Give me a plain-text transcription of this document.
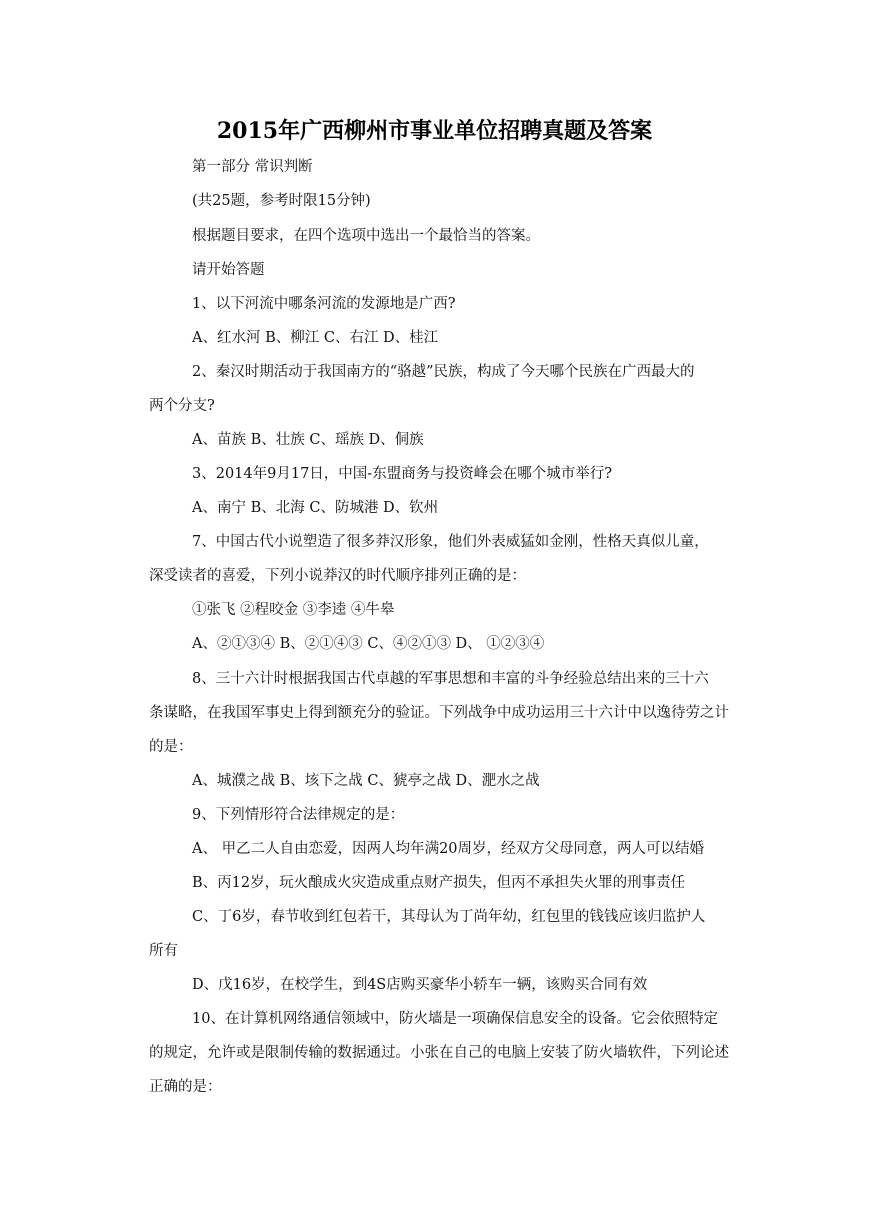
2015年广西柳州市事业单位招聘真题及答案
第一部分 常识判断
(共25题，参考时限15分钟)
根据题目要求，在四个选项中选出一个最恰当的答案。
请开始答题
1、以下河流中哪条河流的发源地是广西?
A、红水河 B、柳江 C、右江 D、桂江
2、秦汉时期活动于我国南方的“骆越”民族，构成了今天哪个民族在广西最大的
两个分支?
A、苗族 B、壮族 C、瑶族 D、侗族
3、2014年9月17日，中国-东盟商务与投资峰会在哪个城市举行?
A、南宁 B、北海 C、防城港 D、钦州
7、中国古代小说塑造了很多莽汉形象，他们外表威猛如金刚，性格天真似儿童，
深受读者的喜爱，下列小说莽汉的时代顺序排列正确的是：
①张飞 ②程咬金 ③李逵 ④牛皋
A、②①③④ B、②①④③ C、④②①③ D、 ①②③④
8、三十六计时根据我国古代卓越的军事思想和丰富的斗争经验总结出来的三十六
条谋略，在我国军事史上得到额充分的验证。下列战争中成功运用三十六计中以逸待劳之计
的是：
A、城濮之战 B、垓下之战 C、猇亭之战 D、淝水之战
9、下列情形符合法律规定的是：
A、 甲乙二人自由恋爱，因两人均年满20周岁，经双方父母同意，两人可以结婚
B、丙12岁，玩火酿成火灾造成重点财产损失，但丙不承担失火罪的刑事责任
C、丁6岁，春节收到红包若干，其母认为丁尚年幼，红包里的钱钱应该归监护人
所有
D、戊16岁，在校学生，到4S店购买豪华小轿车一辆，该购买合同有效
10、在计算机网络通信领域中，防火墙是一项确保信息安全的设备。它会依照特定
的规定，允许或是限制传输的数据通过。小张在自己的电脑上安装了防火墙软件，下列论述
正确的是：
